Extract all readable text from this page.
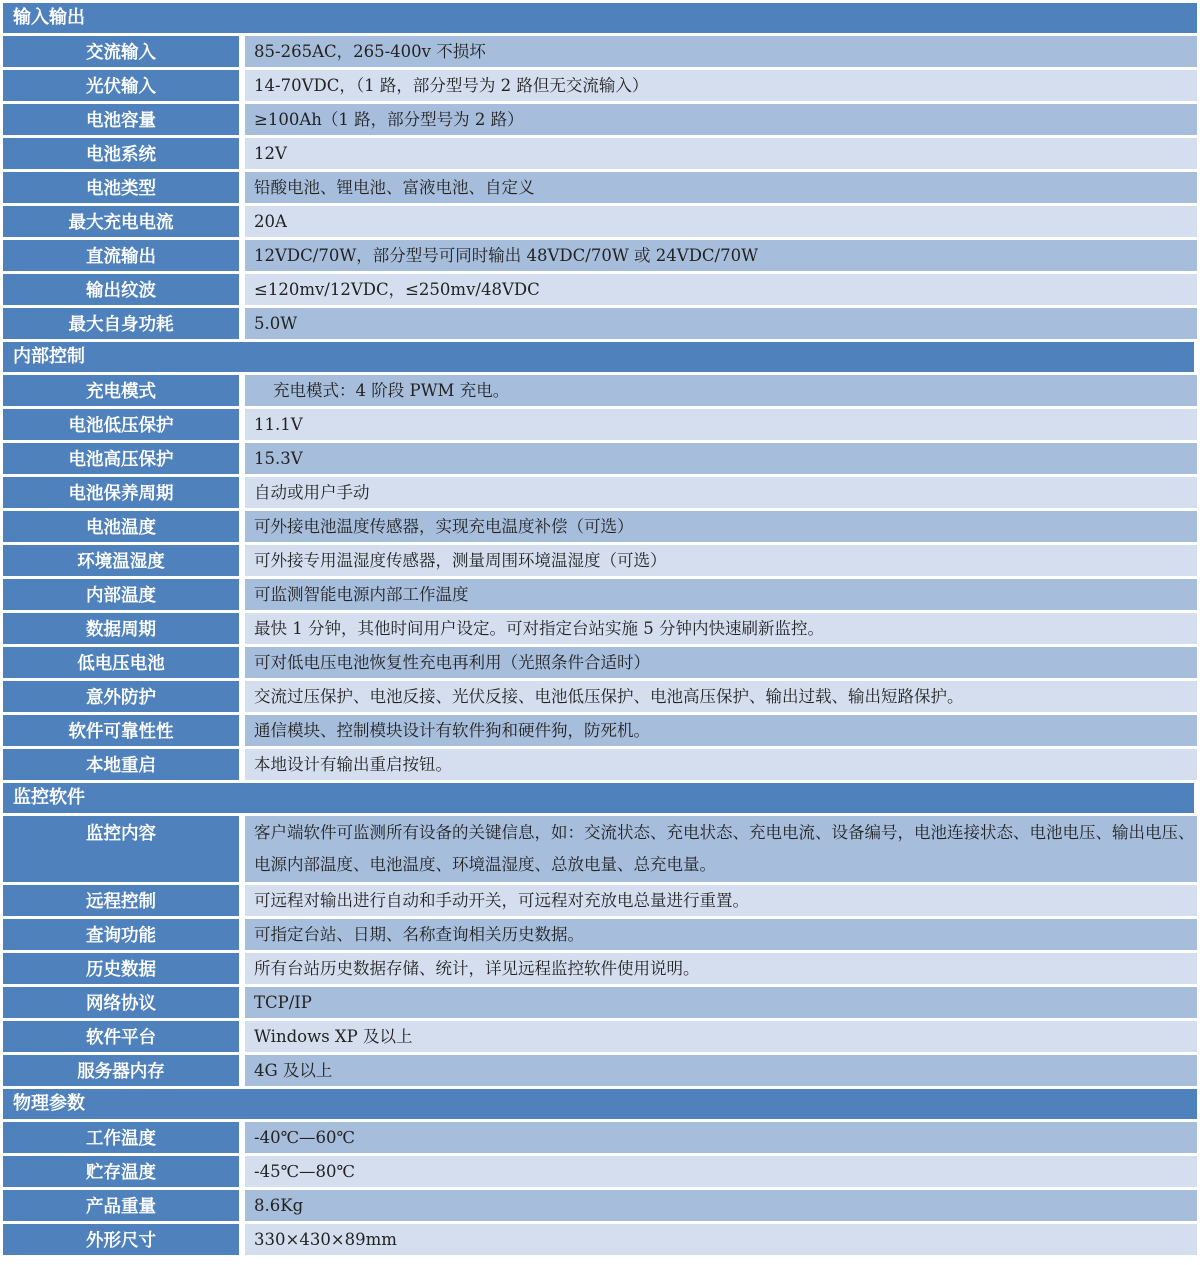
输入输出
交流输入	85-265AC，265-400v 不损坏
光伏输入	14-70VDC，（1 路，部分型号为 2 路但无交流输入）
电池容量	≥100Ah（1 路，部分型号为 2 路）
电池系统	12V
电池类型	铅酸电池、锂电池、富液电池、自定义
最大充电电流	20A
直流输出	12VDC/70W，部分型号可同时输出 48VDC/70W 或 24VDC/70W
输出纹波	≤120mv/12VDC，≤250mv/48VDC
最大自身功耗	5.0W
内部控制
充电模式	充电模式：4 阶段 PWM 充电。
电池低压保护	11.1V
电池高压保护	15.3V
电池保养周期	自动或用户手动
电池温度	可外接电池温度传感器，实现充电温度补偿（可选）
环境温湿度	可外接专用温湿度传感器，测量周围环境温湿度（可选）
内部温度	可监测智能电源内部工作温度
数据周期	最快 1 分钟，其他时间用户设定。可对指定台站实施 5 分钟内快速刷新监控。
低电压电池	可对低电压电池恢复性充电再利用（光照条件合适时）
意外防护	交流过压保护、电池反接、光伏反接、电池低压保护、电池高压保护、输出过载、输出短路保护。
软件可靠性性	通信模块、控制模块设计有软件狗和硬件狗，防死机。
本地重启	本地设计有输出重启按钮。
监控软件
监控内容	客户端软件可监测所有设备的关键信息，如：交流状态、充电状态、充电电流、设备编号，电池连接状态、电池电压、输出电压、电源内部温度、电池温度、环境温湿度、总放电量、总充电量。
远程控制	可远程对输出进行自动和手动开关，可远程对充放电总量进行重置。
查询功能	可指定台站、日期、名称查询相关历史数据。
历史数据	所有台站历史数据存储、统计，详见远程监控软件使用说明。
网络协议	TCP/IP
软件平台	Windows XP 及以上
服务器内存	4G 及以上
物理参数
工作温度	-40℃—60℃
贮存温度	-45℃—80℃
产品重量	8.6Kg
外形尺寸	330×430×89mm
